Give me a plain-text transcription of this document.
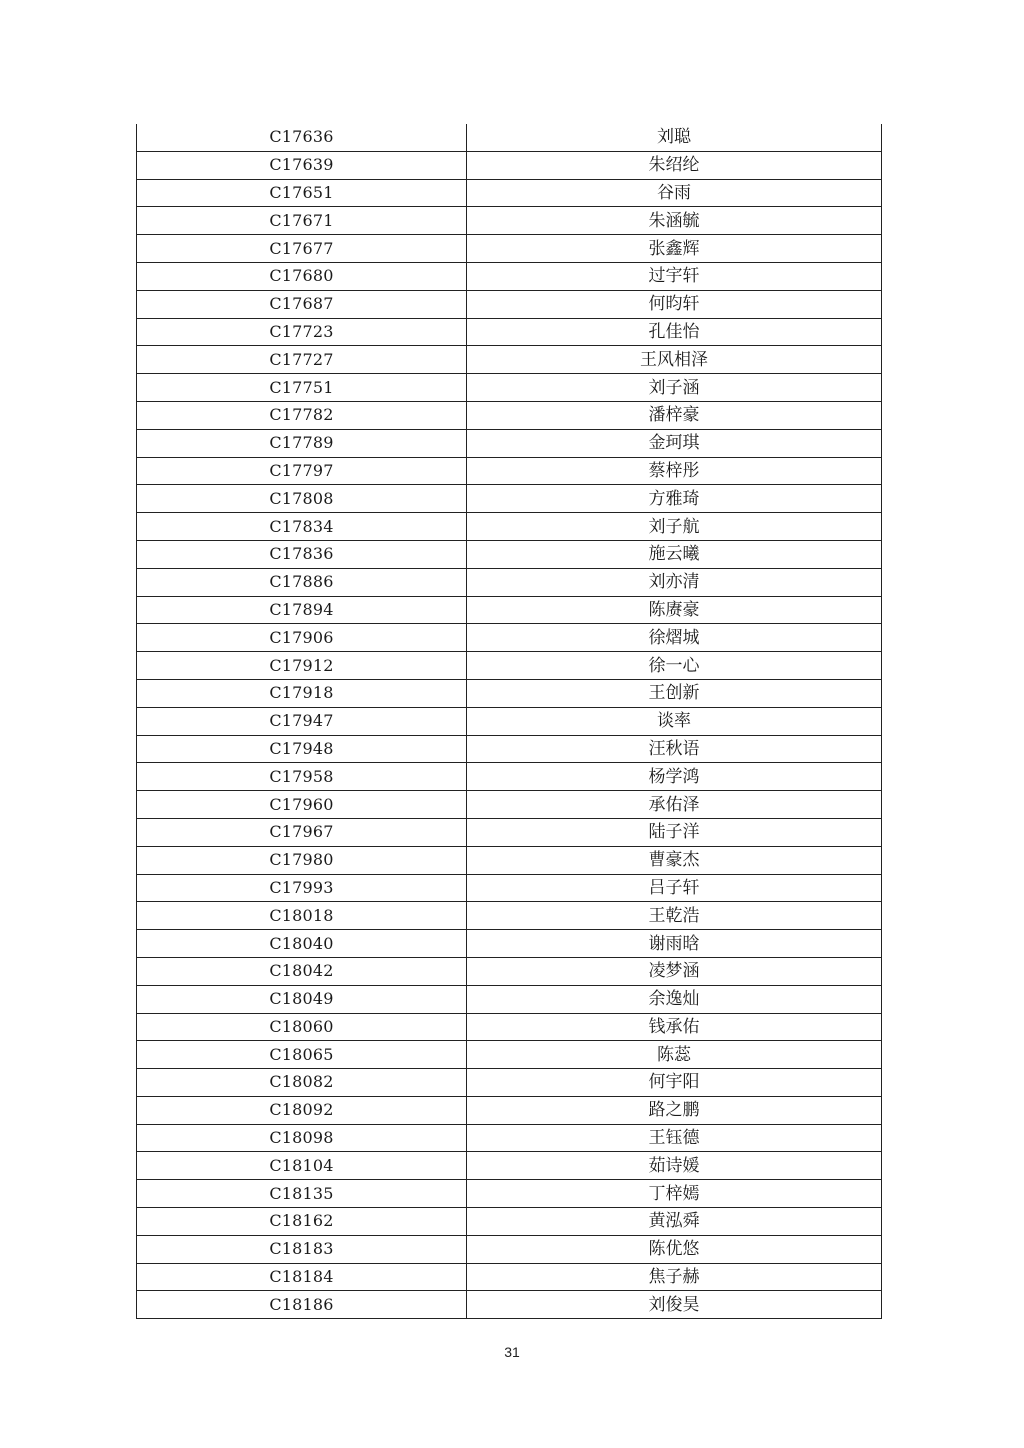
C17636	刘聪
C17639	朱绍纶
C17651	谷雨
C17671	朱涵毓
C17677	张鑫辉
C17680	过宇轩
C17687	何昀轩
C17723	孔佳怡
C17727	王风相泽
C17751	刘子涵
C17782	潘梓豪
C17789	金珂琪
C17797	蔡梓彤
C17808	方雅琦
C17834	刘子航
C17836	施云曦
C17886	刘亦清
C17894	陈赓豪
C17906	徐熠城
C17912	徐一心
C17918	王创新
C17947	谈率
C17948	汪秋语
C17958	杨学鸿
C17960	承佑泽
C17967	陆子洋
C17980	曹豪杰
C17993	吕子轩
C18018	王乾浩
C18040	谢雨晗
C18042	凌梦涵
C18049	余逸灿
C18060	钱承佑
C18065	陈蕊
C18082	何宇阳
C18092	路之鹏
C18098	王钰德
C18104	茹诗媛
C18135	丁梓嫣
C18162	黄泓舜
C18183	陈优悠
C18184	焦子赫
C18186	刘俊昊
31
